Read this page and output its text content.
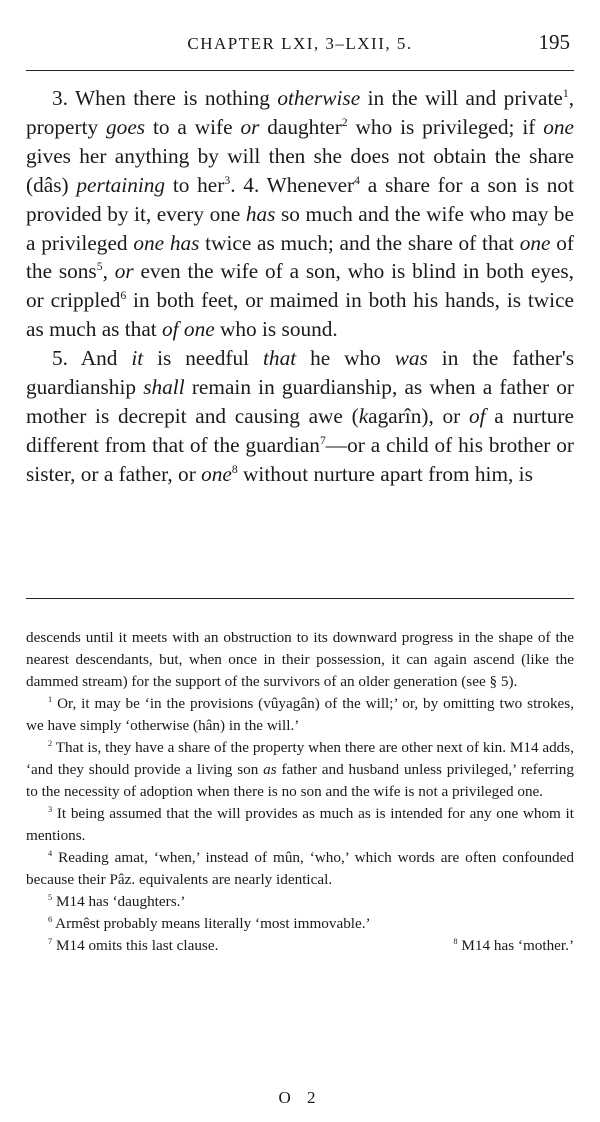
CHAPTER LXI, 3–LXII, 5.	195

3. When there is nothing otherwise in the will and private$^1$, property goes to a wife or daughter$^2$ who is privileged; if one gives her anything by will then she does not obtain the share (dâs) pertaining to her$^3$. 4. Whenever$^4$ a share for a son is not provided by it, every one has so much and the wife who may be a privileged one has twice as much; and the share of that one of the sons$^5$, or even the wife of a son, who is blind in both eyes, or crippled$^6$ in both feet, or maimed in both his hands, is twice as much as that of one who is sound.

5. And it is needful that he who was in the father's guardianship shall remain in guardianship, as when a father or mother is decrepit and causing awe (kagarîn), or of a nurture different from that of the guardian$^7$—or a child of his brother or sister, or a father, or one$^8$ without nurture apart from him, is

descends until it meets with an obstruction to its downward progress in the shape of the nearest descendants, but, when once in their possession, it can again ascend (like the dammed stream) for the support of the survivors of an older generation (see § 5).

$^1$ Or, it may be ‘in the provisions (vûyagân) of the will;’ or, by omitting two strokes, we have simply ‘otherwise (hân) in the will.’

$^2$ That is, they have a share of the property when there are other next of kin. M14 adds, ‘and they should provide a living son as father and husband unless privileged,’ referring to the necessity of adoption when there is no son and the wife is not a privileged one.

$^3$ It being assumed that the will provides as much as is intended for any one whom it mentions.

$^4$ Reading amat, ‘when,’ instead of mûn, ‘who,’ which words are often confounded because their Pâz. equivalents are nearly identical.

$^5$ M14 has ‘daughters.’

$^6$ Armêst probably means literally ‘most immovable.’

$^7$ M14 omits this last clause.	$^8$ M14 has ‘mother.’
O 2
